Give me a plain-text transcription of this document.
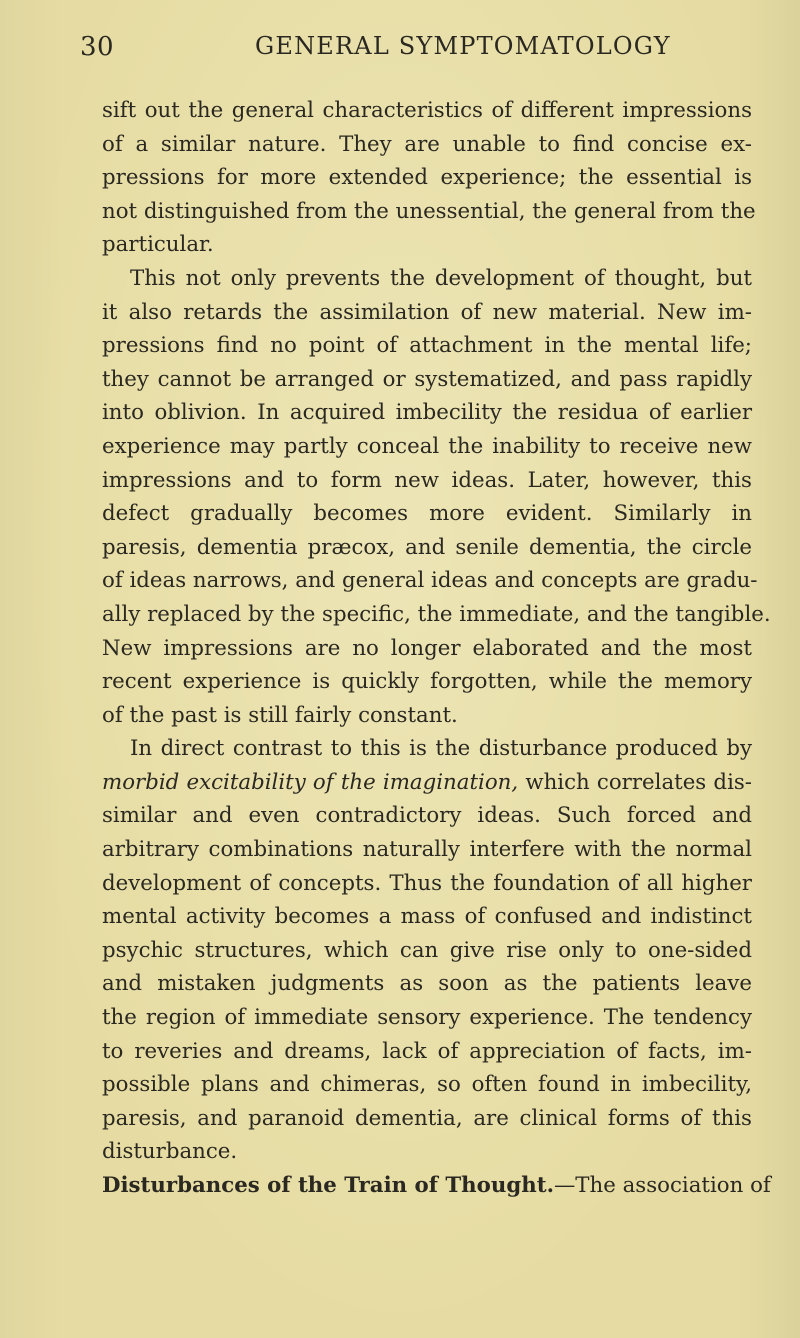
30	GENERAL SYMPTOMATOLOGY
sift out the general characteristics of different impressions
of a similar nature. They are unable to find concise ex-
pressions for more extended experience; the essential is
not distinguished from the unessential, the general from the
particular.
This not only prevents the development of thought, but
it also retards the assimilation of new material. New im-
pressions find no point of attachment in the mental life;
they cannot be arranged or systematized, and pass rapidly
into oblivion. In acquired imbecility the residua of earlier
experience may partly conceal the inability to receive new
impressions and to form new ideas. Later, however, this
defect gradually becomes more evident. Similarly in
paresis, dementia præcox, and senile dementia, the circle
of ideas narrows, and general ideas and concepts are gradu-
ally replaced by the specific, the immediate, and the tangible.
New impressions are no longer elaborated and the most
recent experience is quickly forgotten, while the memory
of the past is still fairly constant.
In direct contrast to this is the disturbance produced by
morbid excitability of the imagination, which correlates dis-
similar and even contradictory ideas. Such forced and
arbitrary combinations naturally interfere with the normal
development of concepts. Thus the foundation of all higher
mental activity becomes a mass of confused and indistinct
psychic structures, which can give rise only to one-sided
and mistaken judgments as soon as the patients leave
the region of immediate sensory experience. The tendency
to reveries and dreams, lack of appreciation of facts, im-
possible plans and chimeras, so often found in imbecility,
paresis, and paranoid dementia, are clinical forms of this
disturbance.
Disturbances of the Train of Thought.—The association of
